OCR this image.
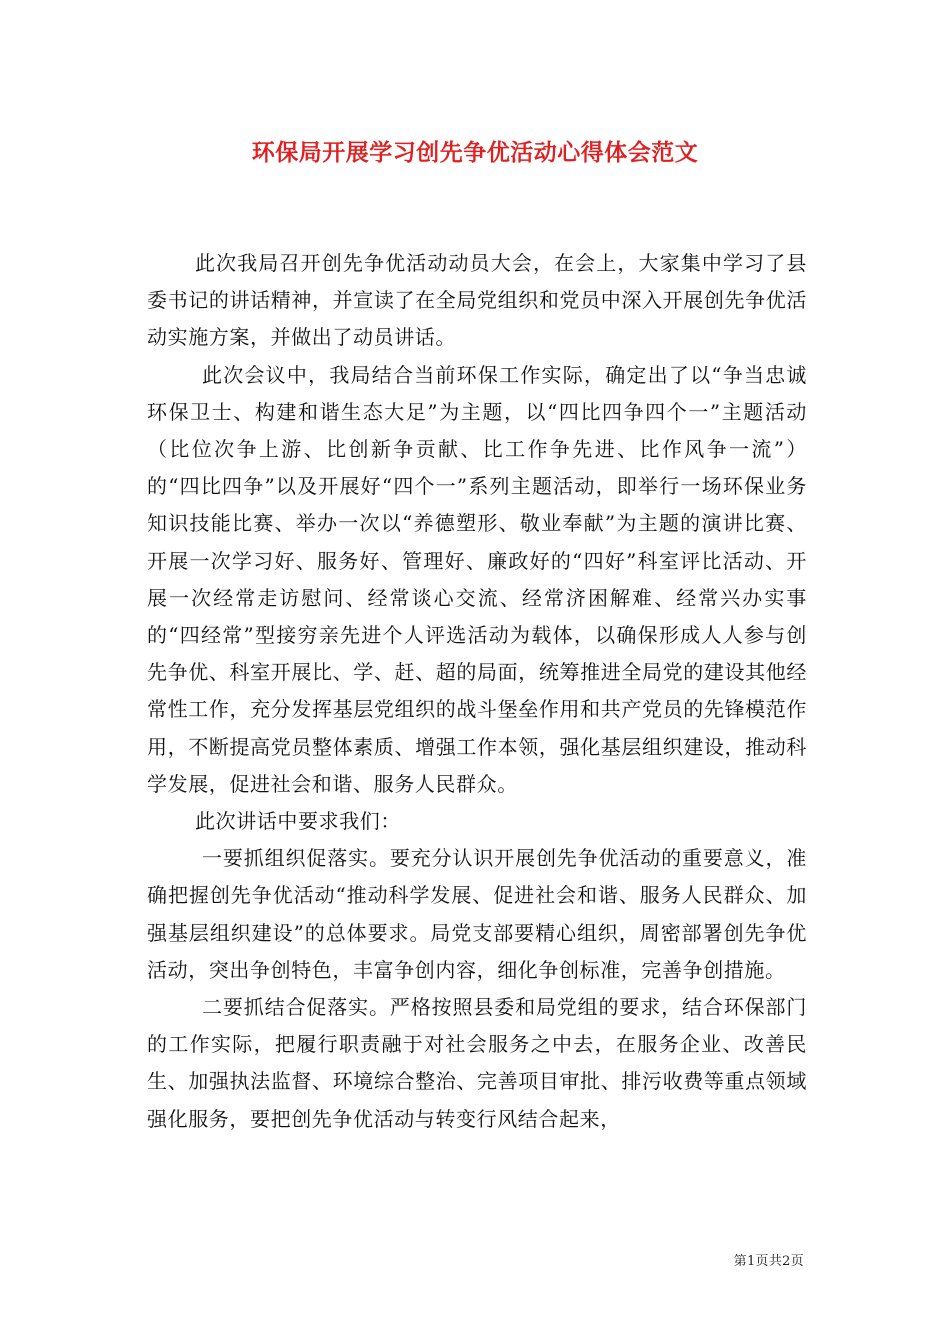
环保局开展学习创先争优活动心得体会范文

此次我局召开创先争优活动动员大会，在会上，大家集中学习了县委书记的讲话精神，并宣读了在全局党组织和党员中深入开展创先争优活动实施方案，并做出了动员讲话。

此次会议中，我局结合当前环保工作实际，确定出了以“争当忠诚环保卫士、构建和谐生态大足”为主题，以“四比四争四个一”主题活动（比位次争上游、比创新争贡献、比工作争先进、比作风争一流”）的“四比四争”以及开展好“四个一”系列主题活动，即举行一场环保业务知识技能比赛、举办一次以“养德塑形、敬业奉献”为主题的演讲比赛、开展一次学习好、服务好、管理好、廉政好的“四好”科室评比活动、开展一次经常走访慰问、经常谈心交流、经常济困解难、经常兴办实事的“四经常”型接穷亲先进个人评选活动为载体，以确保形成人人参与创先争优、科室开展比、学、赶、超的局面，统筹推进全局党的建设其他经常性工作，充分发挥基层党组织的战斗堡垒作用和共产党员的先锋模范作用，不断提高党员整体素质、增强工作本领，强化基层组织建设，推动科学发展，促进社会和谐、服务人民群众。

此次讲话中要求我们：

一要抓组织促落实。要充分认识开展创先争优活动的重要意义，准确把握创先争优活动“推动科学发展、促进社会和谐、服务人民群众、加强基层组织建设”的总体要求。局党支部要精心组织，周密部署创先争优活动，突出争创特色，丰富争创内容，细化争创标准，完善争创措施。

二要抓结合促落实。严格按照县委和局党组的要求，结合环保部门的工作实际，把履行职责融于对社会服务之中去，在服务企业、改善民生、加强执法监督、环境综合整治、完善项目审批、排污收费等重点领域强化服务，要把创先争优活动与转变行风结合起来，

第1页共2页
